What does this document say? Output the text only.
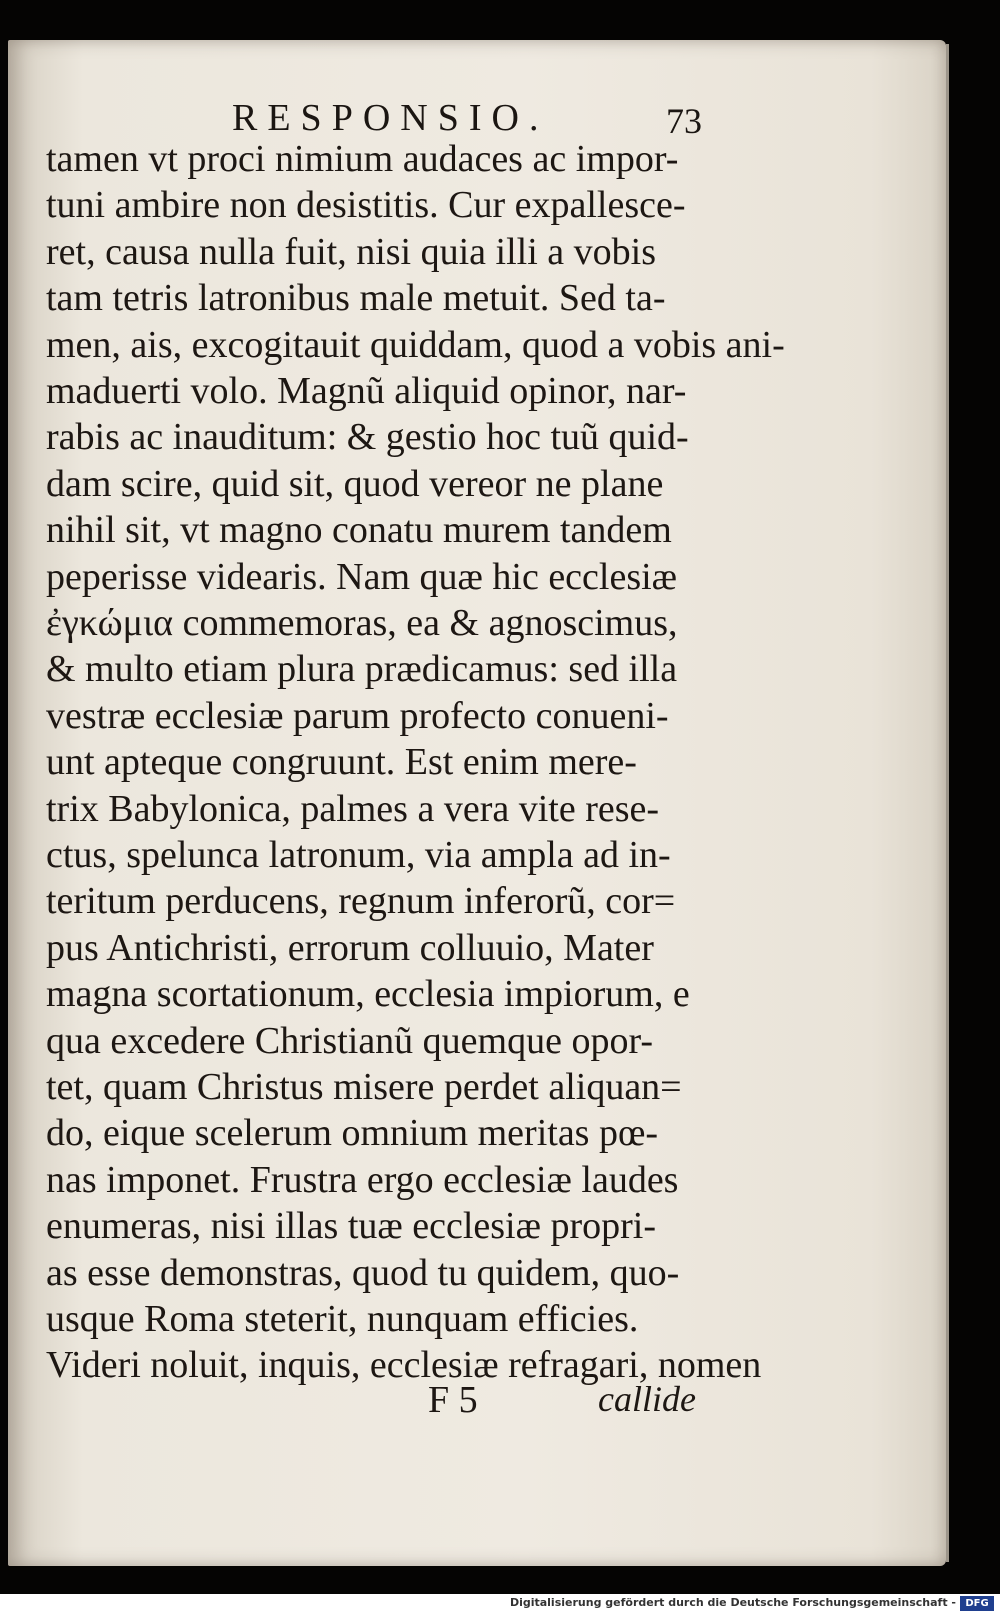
RESPONSIO.	73
tamen vt proci nimium audaces ac impor-
tuni ambire non desistitis. Cur expallesce-
ret, causa nulla fuit, nisi quia illi a vobis
tam tetris latronibus male metuit. Sed ta-
men, ais, excogitauit quiddam, quod a vobis ani-
maduerti volo. Magnũ aliquid opinor, nar-
rabis ac inauditum: & gestio hoc tuũ quid-
dam scire, quid sit, quod vereor ne plane
nihil sit, vt magno conatu murem tandem
peperisse videaris. Nam quæ hic ecclesiæ
ἐγκώμια commemoras, ea & agnoscimus,
& multo etiam plura prædicamus: sed illa
vestræ ecclesiæ parum profecto conueni-
unt apteque congruunt. Est enim mere-
trix Babylonica, palmes a vera vite rese-
ctus, spelunca latronum, via ampla ad in-
teritum perducens, regnum inferorũ, cor=
pus Antichristi, errorum colluuio, Mater
magna scortationum, ecclesia impiorum, e
qua excedere Christianũ quemque opor-
tet, quam Christus misere perdet aliquan=
do, eique scelerum omnium meritas pœ-
nas imponet. Frustra ergo ecclesiæ laudes
enumeras, nisi illas tuæ ecclesiæ propri-
as esse demonstras, quod tu quidem, quo-
usque Roma steterit, nunquam efficies.
Videri noluit, inquis, ecclesiæ refragari, nomen
F 5	callide
Digitalisierung gefördert durch die Deutsche Forschungsgemeinschaft - DFG
